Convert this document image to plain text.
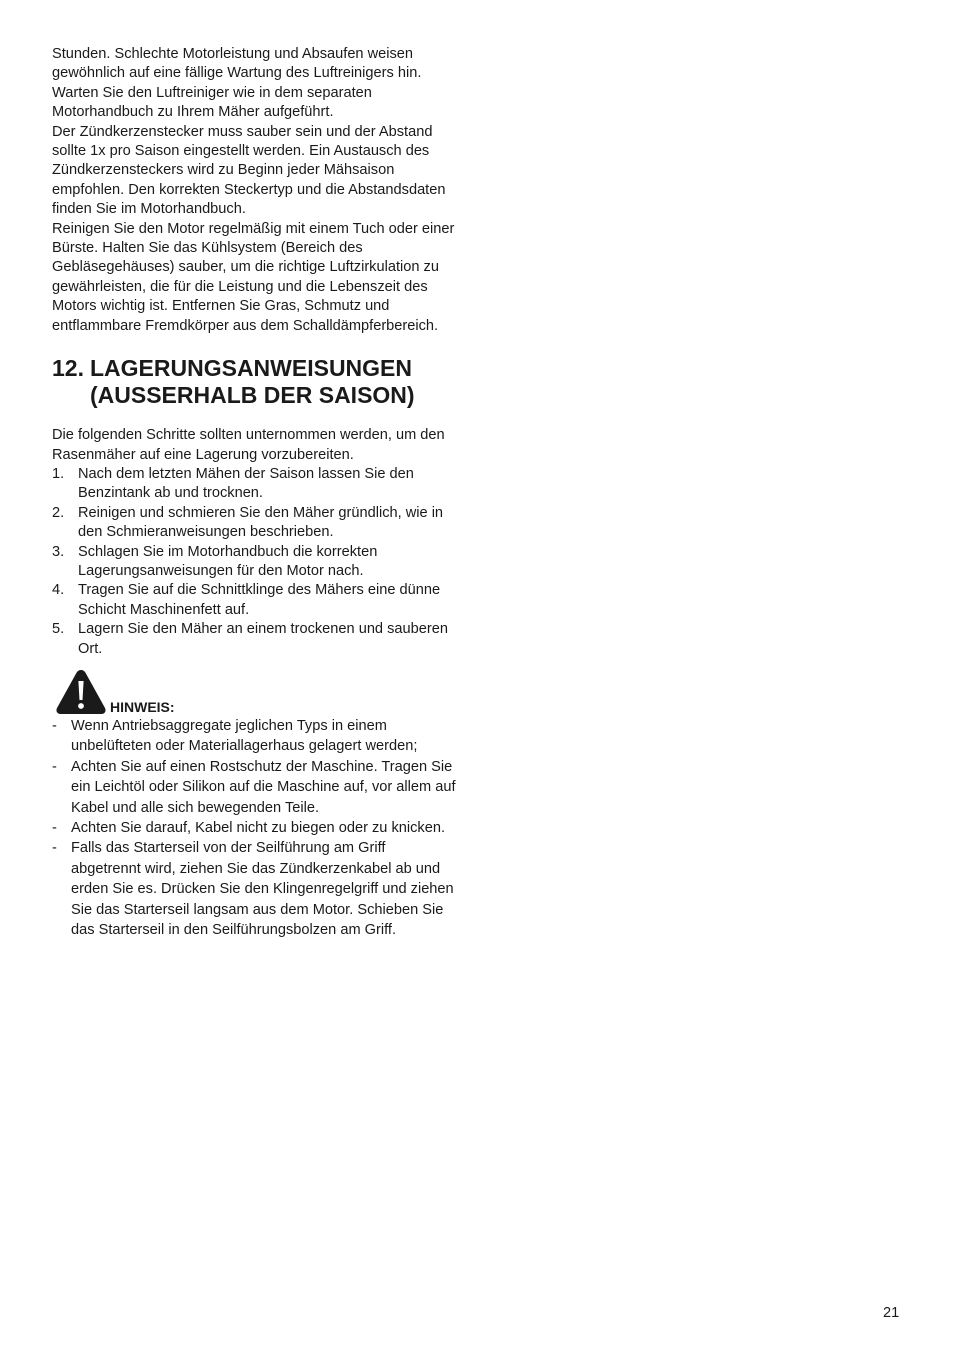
Stunden. Schlechte Motorleistung und Absaufen weisen gewöhnlich auf eine fällige Wartung des Luftreinigers hin. Warten Sie den Luftreiniger wie in dem separaten Motorhandbuch zu Ihrem Mäher aufgeführt.

Der Zündkerzenstecker muss sauber sein und der Abstand sollte 1x pro Saison eingestellt werden. Ein Austausch des Zündkerzensteckers wird zu Beginn jeder Mähsaison empfohlen. Den korrekten Steckertyp und die Abstandsdaten finden Sie im Motorhandbuch.

Reinigen Sie den Motor regelmäßig mit einem Tuch oder einer Bürste. Halten Sie das Kühlsystem (Bereich des Gebläsegehäuses) sauber, um die richtige Luftzirkulation zu gewährleisten, die für die Leistung und die Lebenszeit des Motors wichtig ist. Entfernen Sie Gras, Schmutz und entflammbare Fremdkörper aus dem Schalldämpferbereich.

12. LAGERUNGSANWEISUNGEN
(AUSSERHALB DER SAISON)

Die folgenden Schritte sollten unternommen werden, um den Rasenmäher auf eine Lagerung vorzubereiten.

1. Nach dem letzten Mähen der Saison lassen Sie den Benzintank ab und trocknen.
2. Reinigen und schmieren Sie den Mäher gründlich, wie in den Schmieranweisungen beschrieben.
3. Schlagen Sie im Motorhandbuch die korrekten Lagerungsanweisungen für den Motor nach.
4. Tragen Sie auf die Schnittklinge des Mähers eine dünne Schicht Maschinenfett auf.
5. Lagern Sie den Mäher an einem trockenen und sauberen Ort.
HINWEIS:
- Wenn Antriebsaggregate jeglichen Typs in einem unbelüfteten oder Materiallagerhaus gelagert werden;
- Achten Sie auf einen Rostschutz der Maschine. Tragen Sie ein Leichtöl oder Silikon auf die Maschine auf, vor allem auf Kabel und alle sich bewegenden Teile.
- Achten Sie darauf, Kabel nicht zu biegen oder zu knicken.
- Falls das Starterseil von der Seilführung am Griff abgetrennt wird, ziehen Sie das Zündkerzenkabel ab und erden Sie es. Drücken Sie den Klingenregelgriff und ziehen Sie das Starterseil langsam aus dem Motor. Schieben Sie das Starterseil in den Seilführungsbolzen am Griff.
21
